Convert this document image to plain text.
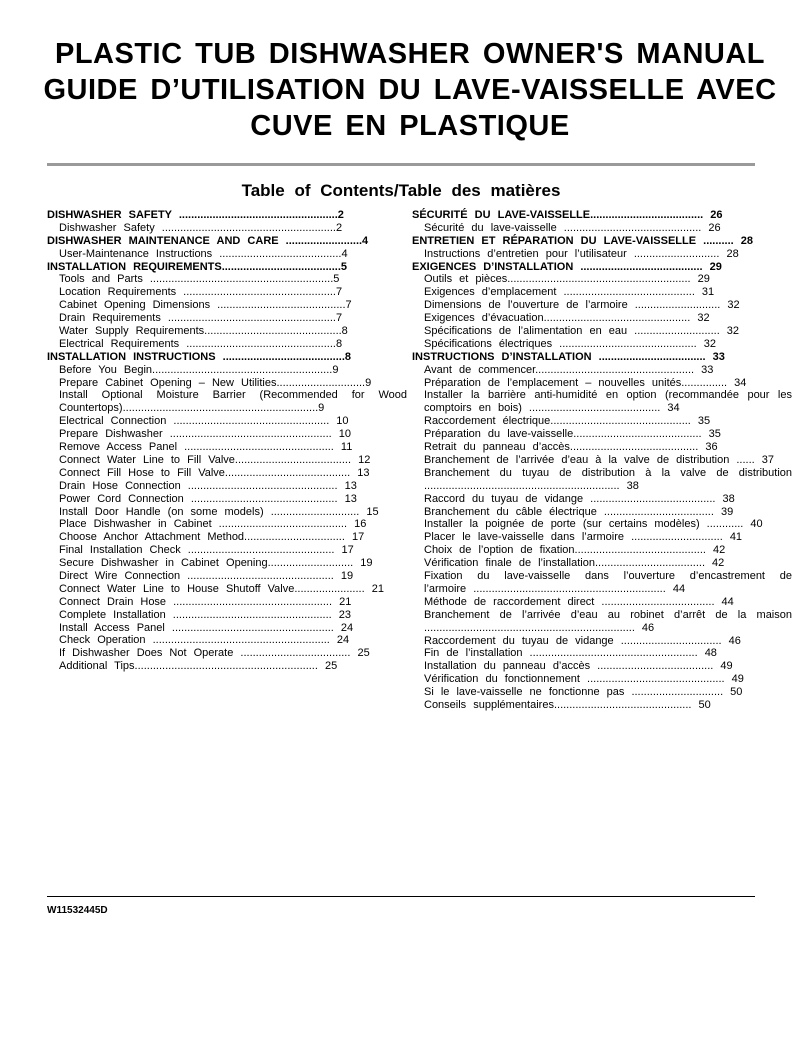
PLASTIC TUB DISHWASHER OWNER'S MANUAL
GUIDE D’UTILISATION DU LAVE-VAISSELLE AVEC
CUVE EN PLASTIQUE
Table of Contents/Table des matières
DISHWASHER SAFETY ....................................................2
Dishwasher Safety .........................................................2
DISHWASHER MAINTENANCE AND CARE .........................4
User-Maintenance Instructions ........................................4
INSTALLATION REQUIREMENTS.......................................5
Tools and Parts ............................................................5
Location Requirements ..................................................7
Cabinet Opening Dimensions ..........................................7
Drain Requirements .......................................................7
Water Supply Requirements.............................................8
Electrical Requirements .................................................8
INSTALLATION INSTRUCTIONS ........................................8
Before You Begin...........................................................9
Prepare Cabinet Opening – New Utilities.............................9
Install Optional Moisture Barrier (Recommended for Wood Countertops)................................................................9
Electrical Connection ................................................... 10
Prepare Dishwasher ..................................................... 10
Remove Access Panel ................................................. 11
Connect Water Line to Fill Valve...................................... 12
Connect Fill Hose to Fill Valve......................................... 13
Drain Hose Connection ................................................. 13
Power Cord Connection ................................................ 13
Install Door Handle (on some models) ............................. 15
Place Dishwasher in Cabinet .......................................... 16
Choose Anchor Attachment Method................................. 17
Final Installation Check ................................................ 17
Secure Dishwasher in Cabinet Opening............................ 19
Direct Wire Connection ................................................ 19
Connect Water Line to House Shutoff Valve....................... 21
Connect Drain Hose .................................................... 21
Complete Installation .................................................... 23
Install Access Panel ..................................................... 24
Check Operation .......................................................... 24
If Dishwasher Does Not Operate .................................... 25
Additional Tips............................................................ 25
SÉCURITÉ DU LAVE-VAISSELLE..................................... 26
Sécurité du lave-vaisselle ............................................. 26
ENTRETIEN ET RÉPARATION DU LAVE-VAISSELLE .......... 28
Instructions d’entretien pour l’utilisateur ............................ 28
EXIGENCES D’INSTALLATION ........................................ 29
Outils et pièces............................................................ 29
Exigences d’emplacement ........................................... 31
Dimensions de l’ouverture de l’armoire ............................ 32
Exigences d’évacuation................................................ 32
Spécifications de l’alimentation en eau ............................ 32
Spécifications électriques ............................................. 32
INSTRUCTIONS D’INSTALLATION ................................... 33
Avant de commencer.................................................... 33
Préparation de l’emplacement – nouvelles unités............... 34
Installer la barrière anti-humidité en option (recommandée pour les comptoirs en bois) ........................................... 34
Raccordement électrique.............................................. 35
Préparation du lave-vaisselle.......................................... 35
Retrait du panneau d’accès.......................................... 36
Branchement de l’arrivée d’eau à la valve de distribution ...... 37
Branchement du tuyau de distribution à la valve de distribution ................................................................ 38
Raccord du tuyau de vidange ......................................... 38
Branchement du câble électrique .................................... 39
Installer la poignée de porte (sur certains modèles) ............ 40
Placer le lave-vaisselle dans l’armoire .............................. 41
Choix de l’option de fixation........................................... 42
Vérification finale de l’installation.................................... 42
Fixation du lave-vaisselle dans l’ouverture d’encastrement de l’armoire ............................................................... 44
Méthode de raccordement direct ..................................... 44
Branchement de l’arrivée d’eau au robinet d’arrêt de la maison ..................................................................... 46
Raccordement du tuyau de vidange ................................. 46
Fin de l’installation ....................................................... 48
Installation du panneau d’accès ...................................... 49
Vérification du fonctionnement ............................................. 49
Si le lave-vaisselle ne fonctionne pas .............................. 50
Conseils supplémentaires............................................. 50
W11532445D
